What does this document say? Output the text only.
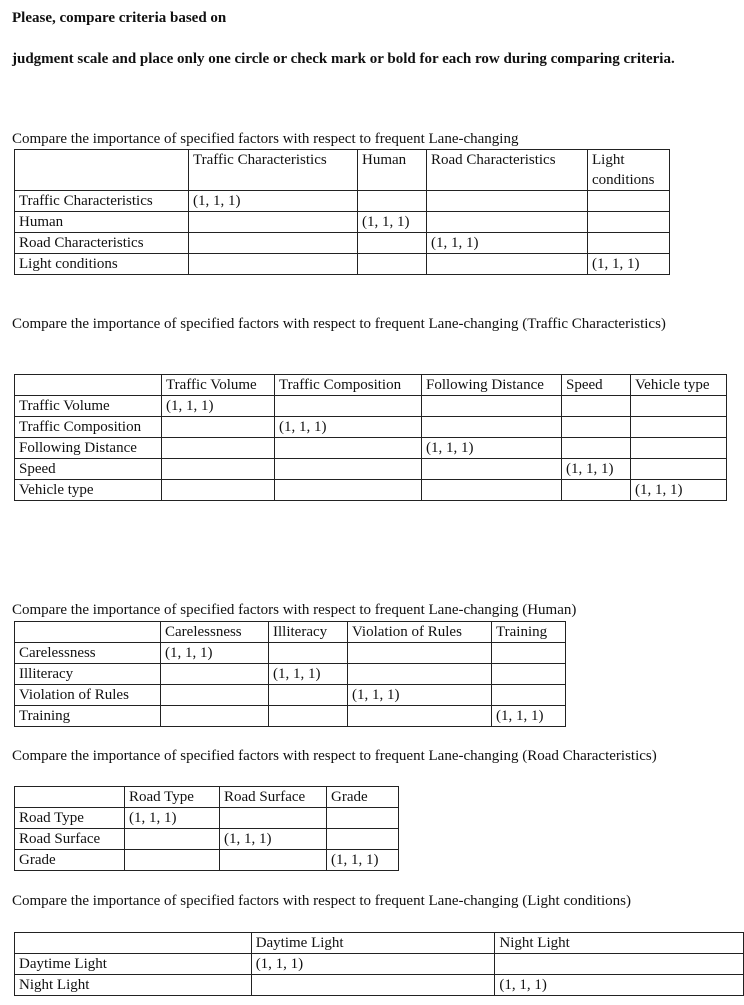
Please, compare criteria based on
judgment scale and place only one circle or check mark or bold for each row during comparing criteria.
Compare the importance of specified factors with respect to frequent Lane-changing
	Traffic Characteristics	Human	Road Characteristics	Light conditions
Traffic Characteristics	(1, 1, 1)			
Human		(1, 1, 1)		
Road Characteristics			(1, 1, 1)	
Light conditions				(1, 1, 1)
Compare the importance of specified factors with respect to frequent Lane-changing (Traffic Characteristics)
	Traffic Volume	Traffic Composition	Following Distance	Speed	Vehicle type
Traffic Volume	(1, 1, 1)				
Traffic Composition		(1, 1, 1)			
Following Distance			(1, 1, 1)		
Speed				(1, 1, 1)	
Vehicle type					(1, 1, 1)
Compare the importance of specified factors with respect to frequent Lane-changing (Human)
	Carelessness	Illiteracy	Violation of Rules	Training
Carelessness	(1, 1, 1)			
Illiteracy		(1, 1, 1)		
Violation of Rules			(1, 1, 1)	
Training				(1, 1, 1)
Compare the importance of specified factors with respect to frequent Lane-changing (Road Characteristics)
	Road Type	Road Surface	Grade
Road Type	(1, 1, 1)		
Road Surface		(1, 1, 1)	
Grade			(1, 1, 1)
Compare the importance of specified factors with respect to frequent Lane-changing (Light conditions)
	Daytime Light	Night Light
Daytime Light	(1, 1, 1)	
Night Light		(1, 1, 1)
